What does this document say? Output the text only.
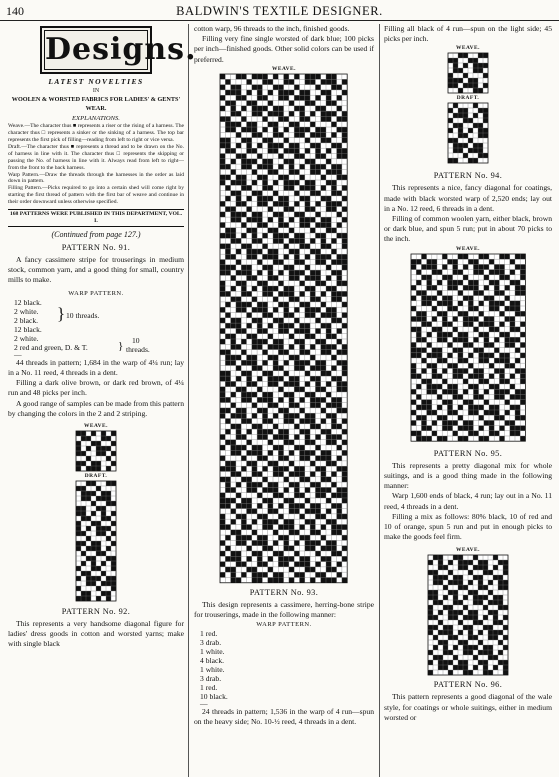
140	BALDWIN'S TEXTILE DESIGNER.
Designs.
LATEST NOVELTIES
IN
WOOLEN & WORSTED FABRICS FOR LADIES' & GENTS' WEAR.
EXPLANATIONS.

Weave.—The character thus ■ represents a riser or the rising of a harness. The character thus □ represents a sinker or the sinking of a harness. The top bar represents the first pick of filling—reading from left to right or vice versa.

Draft.—The character thus ■ represents a thread and to be drawn on the No. of harness in line with it. The character thus □ represents the skipping or passing the No. of harness in line with it. Always read from left to right—from the front to the back harness.

Warp Pattern.—Draw the threads through the harnesses in the order as laid down in pattern.

Filling Pattern.—Picks required to go into a certain shed will come right by starting the first thread of pattern with the first bar of weave and continue in their order downward unless otherwise specified.

168 PATTERNS WERE PUBLISHED IN THIS DEPARTMENT, VOL. I.
(Continued from page 127.)
PATTERN No. 91.

A fancy cassimere stripe for trouserings in medium stock, common yarn, and a good thing for small, country mills to make.

WARP PATTERN.
12 black.
2 white.
2 black.
12 black.
2 white.
2 red and green, D. & T.
} 10 threads.
} 10
threads.
—

44 threads in pattern; 1,684 in the warp of 4¼ run; lay in a No. 11 reed, 4 threads in a dent.

Filling a dark olive brown, or dark red brown, of 4¼ run and 48 picks per inch.

A good range of samples can be made from this pattern by changing the colors in the 2 and 2 striping.

WEAVE.
DRAFT.
PATTERN No. 92.

This represents a very handsome diagonal figure for ladies' dress goods in cotton and worsted yarns; make with single black

cotton warp, 96 threads to the inch, finished goods.

Filling very fine single worsted of dark blue; 100 picks per inch—finished goods. Other solid colors can be used if preferred.

WEAVE.
PATTERN No. 93.

This design represents a cassimere, herring-bone stripe for trouserings, made in the following manner:

WARP PATTERN.
1 red.
3 drab.
1 white.
4 black.
1 white.
3 drab.
1 red.
10 black.
—

24 threads in pattern; 1,536 in the warp of 4 run—spun on the heavy side; No. 10-½ reed, 4 threads in a dent.

Filling all black of 4 run—spun on the light side; 45 picks per inch.

WEAVE.
DRAFT.
PATTERN No. 94.

This represents a nice, fancy diagonal for coatings, made with black worsted warp of 2,520 ends; lay out in a No. 12 reed, 6 threads in a dent.

Filling of common woolen yarn, either black, brown or dark blue, and spun 5 run; put in about 70 picks to the inch.

WEAVE.
PATTERN No. 95.

This represents a pretty diagonal mix for whole suitings, and is a good thing made in the following manner:

Warp 1,600 ends of black, 4 run; lay out in a No. 11 reed, 4 threads in a dent.

Filling a mix as follows: 80% black, 10 of red and 10 of orange, spun 5 run and put in enough picks to make the goods feel firm.

WEAVE.
PATTERN No. 96.

This pattern represents a good diagonal of the wale style, for coatings or whole suitings, either in medium worsted or
